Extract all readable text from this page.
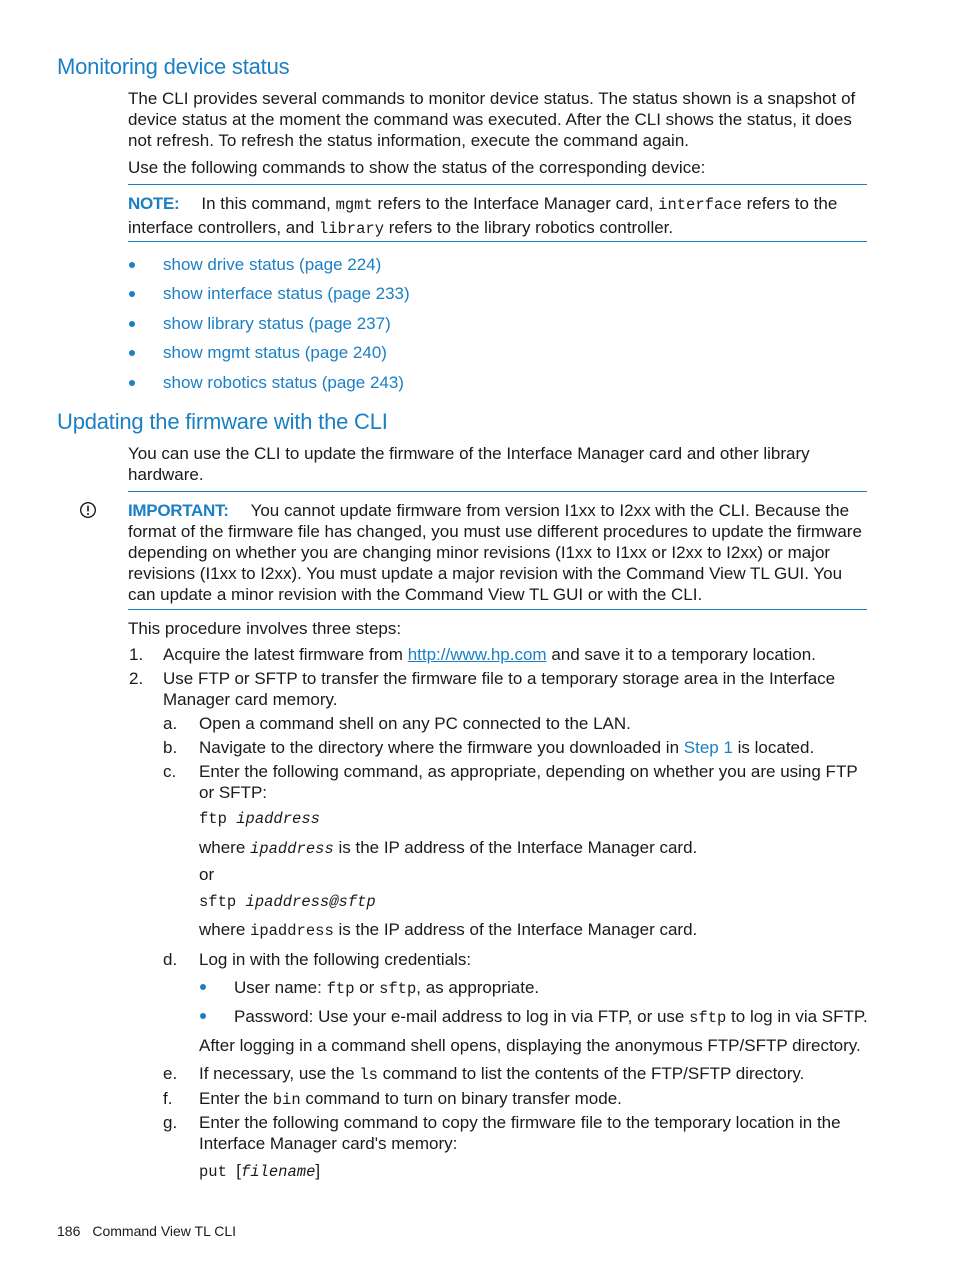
Monitoring device status
The CLI provides several commands to monitor device status. The status shown is a snapshot of device status at the moment the command was executed. After the CLI shows the status, it does not refresh. To refresh the status information, execute the command again.
Use the following commands to show the status of the corresponding device:
NOTE: In this command, mgmt refers to the Interface Manager card, interface refers to the
interface controllers, and library refers to the library robotics controller.
show drive status (page 224)
show interface status (page 233)
show library status (page 237)
show mgmt status (page 240)
show robotics status (page 243)
Updating the firmware with the CLI
You can use the CLI to update the firmware of the Interface Manager card and other library hardware.
IMPORTANT: You cannot update firmware from version I1xx to I2xx with the CLI. Because the
format of the firmware file has changed, you must use different procedures to update the firmware depending on whether you are changing minor revisions (I1xx to I1xx or I2xx to I2xx) or major revisions (I1xx to I2xx). You must update a major revision with the Command View TL GUI. You can update a minor revision with the Command View TL GUI or with the CLI.
This procedure involves three steps:
1. Acquire the latest firmware from http://www.hp.com and save it to a temporary location.
2. Use FTP or SFTP to transfer the firmware file to a temporary storage area in the Interface Manager card memory.
a. Open a command shell on any PC connected to the LAN.
b. Navigate to the directory where the firmware you downloaded in Step 1 is located.
c. Enter the following command, as appropriate, depending on whether you are using FTP or SFTP:
ftp ipaddress
where ipaddress is the IP address of the Interface Manager card.
or
sftp ipaddress@sftp
where ipaddress is the IP address of the Interface Manager card.
d. Log in with the following credentials:
User name: ftp or sftp, as appropriate.
Password: Use your e-mail address to log in via FTP, or use sftp to log in via SFTP.
After logging in a command shell opens, displaying the anonymous FTP/SFTP directory.
e. If necessary, use the ls command to list the contents of the FTP/SFTP directory.
f. Enter the bin command to turn on binary transfer mode.
g. Enter the following command to copy the firmware file to the temporary location in the Interface Manager card's memory:
put [filename]
186 Command View TL CLI
